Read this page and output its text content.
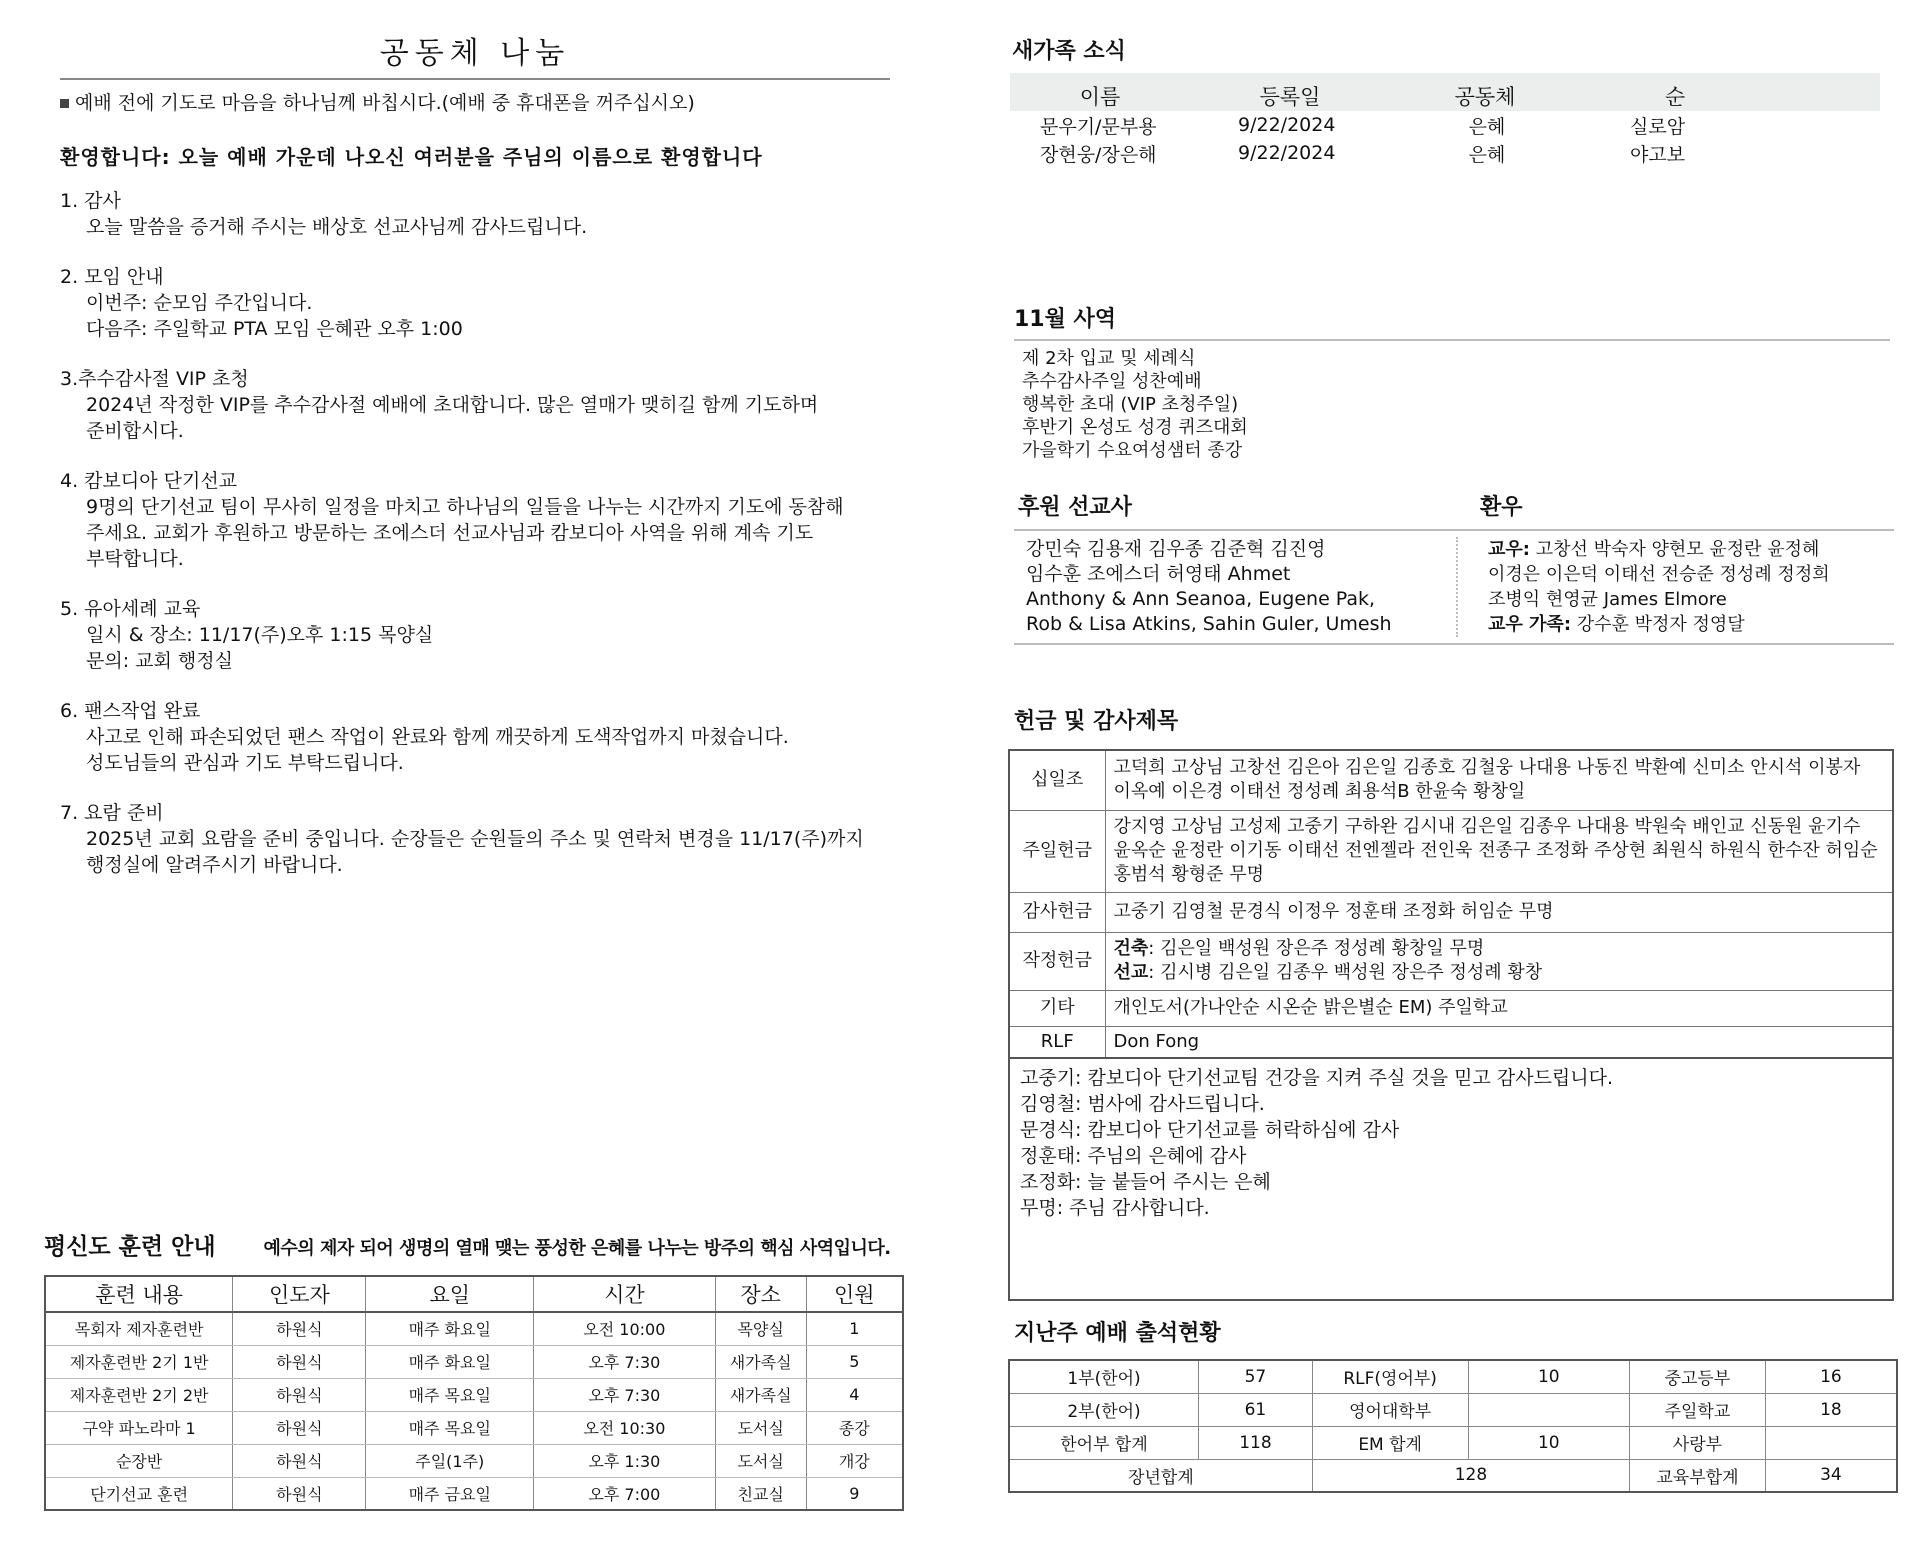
공동체 나눔
예배 전에 기도로 마음을 하나님께 바칩시다.(예배 중 휴대폰을 꺼주십시오)
환영합니다: 오늘 예배 가운데 나오신 여러분을 주님의 이름으로 환영합니다
1. 감사
오늘 말씀을 증거해 주시는 배상호 선교사님께 감사드립니다.
2. 모임 안내
이번주: 순모임 주간입니다.
다음주: 주일학교 PTA 모임 은혜관 오후 1:00
3.추수감사절 VIP 초청
2024년 작정한 VIP를 추수감사절 예배에 초대합니다. 많은 열매가 맺히길 함께 기도하며
준비합시다.
4. 캄보디아 단기선교
9명의 단기선교 팀이 무사히 일정을 마치고 하나님의 일들을 나누는 시간까지 기도에 동참해
주세요. 교회가 후원하고 방문하는 조에스더 선교사님과 캄보디아 사역을 위해 계속 기도
부탁합니다.
5. 유아세례 교육
일시 & 장소: 11/17(주)오후 1:15 목양실
문의: 교회 행정실
6. 팬스작업 완료
사고로 인해 파손되었던 팬스 작업이 완료와 함께 깨끗하게 도색작업까지 마쳤습니다.
성도님들의 관심과 기도 부탁드립니다.
7. 요람 준비
2025년 교회 요람을 준비 중입니다. 순장들은 순원들의 주소 및 연락처 변경을 11/17(주)까지
행정실에 알려주시기 바랍니다.
평신도 훈련 안내	예수의 제자 되어 생명의 열매 맺는 풍성한 은혜를 나누는 방주의 핵심 사역입니다.
훈련 내용	인도자	요일	시간	장소	인원
목회자 제자훈련반	하원식	매주 화요일	오전 10:00	목양실	1
제자훈련반 2기 1반	하원식	매주 화요일	오후 7:30	새가족실	5
제자훈련반 2기 2반	하원식	매주 목요일	오후 7:30	새가족실	4
구약 파노라마 1	하원식	매주 목요일	오전 10:30	도서실	종강
순장반	하원식	주일(1주)	오후 1:30	도서실	개강
단기선교 훈련	하원식	매주 금요일	오후 7:00	친교실	9
새가족 소식
이름	등록일	공동체	순
문우기/문부용	9/22/2024	은혜	실로암
장현웅/장은해	9/22/2024	은혜	야고보
11월 사역
제 2차 입교 및 세례식
추수감사주일 성찬예배
행복한 초대 (VIP 초청주일)
후반기 온성도 성경 퀴즈대회
가을학기 수요여성샘터 종강
후원 선교사	환우
강민숙 김용재 김우종 김준혁 김진영
임수훈 조에스더 허영태 Ahmet
Anthony & Ann Seanoa, Eugene Pak,
Rob & Lisa Atkins, Sahin Guler, Umesh
교우: 고창선 박숙자 양현모 윤정란 윤정혜
이경은 이은덕 이태선 전승준 정성례 정정희
조병익 현영균 James Elmore
교우 가족: 강수훈 박정자 정영달
헌금 및 감사제목
십일조	고덕희 고상님 고창선 김은아 김은일 김종호 김철웅 나대용 나동진 박환예 신미소 안시석 이봉자
이옥예 이은경 이태선 정성례 최용석B 한윤숙 황창일

주일헌금	강지영 고상님 고성제 고중기 구하완 김시내 김은일 김종우 나대용 박원숙 배인교 신동원 윤기수
윤옥순 윤정란 이기동 이태선 전엔젤라 전인욱 전종구 조정화 주상현 최원식 하원식 한수잔 허임순
홍범석 황형준 무명

감사헌금	고중기 김영철 문경식 이정우 정훈태 조정화 허임순 무명

작정헌금	건축: 김은일 백성원 장은주 정성례 황창일 무명
선교: 김시병 김은일 김종우 백성원 장은주 정성례 황창

기타	개인도서(가나안순 시온순 밝은별순 EM) 주일학교

RLF	Don Fong
고중기: 캄보디아 단기선교팀 건강을 지켜 주실 것을 믿고 감사드립니다.
김영철: 범사에 감사드립니다.
문경식: 캄보디아 단기선교를 허락하심에 감사
정훈태: 주님의 은혜에 감사
조정화: 늘 붙들어 주시는 은혜
무명: 주님 감사합니다.
지난주 예배 출석현황
1부(한어)	57	RLF(영어부)	10	중고등부	16
2부(한어)	61	영어대학부		주일학교	18
한어부 합계	118	EM 합계	10	사랑부	
장년합계		128		교육부합계	34
